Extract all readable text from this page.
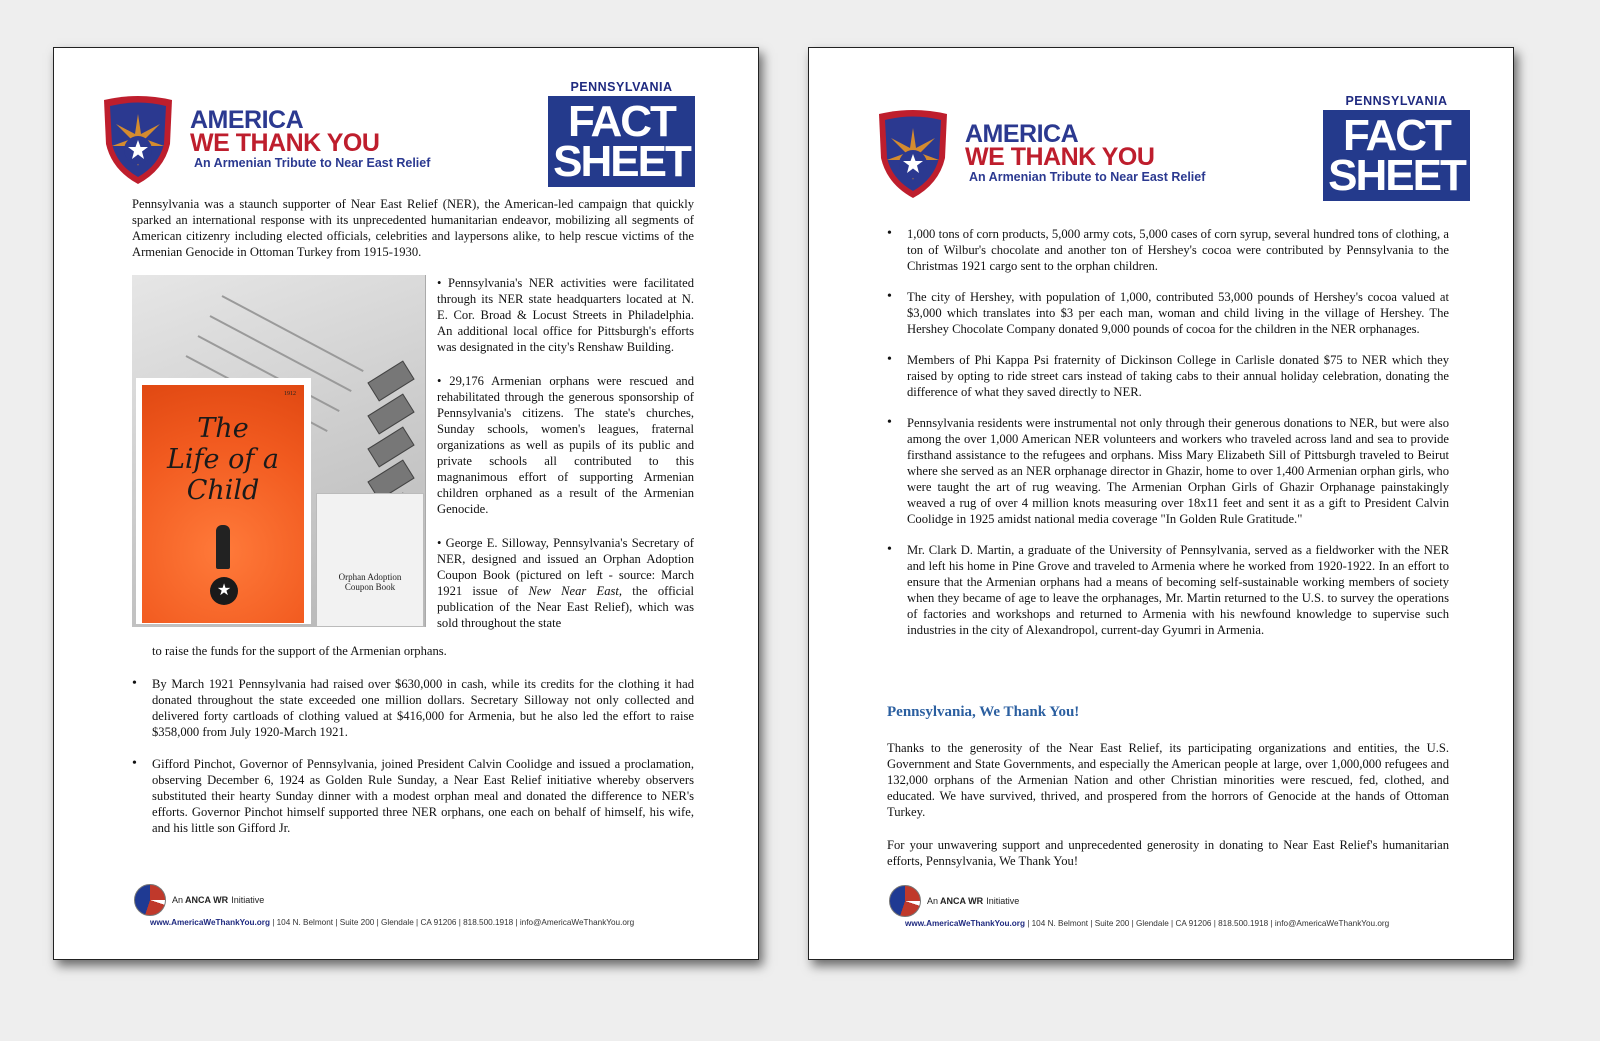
AMERICA
WE THANK YOU
An Armenian Tribute to Near East Relief
PENNSYLVANIA
FACT
SHEET

Pennsylvania was a staunch supporter of Near East Relief (NER), the American-led campaign that quickly sparked an international response with its unprecedented humanitarian endeavor, mobilizing all segments of American citizenry including elected officials, celebrities and laypersons alike, to help rescue victims of the Armenian Genocide in Ottoman Turkey from 1915-1930.

1912
The
Life of a
Child
★
Orphan Adoption
Coupon Book

• Pennsylvania's NER activities were facilitated through its NER state headquarters located at N. E. Cor. Broad & Locust Streets in Philadelphia. An additional local office for Pittsburgh's efforts was designated in the city's Renshaw Building.

• 29,176 Armenian orphans were rescued and rehabilitated through the generous sponsorship of Pennsylvania's citizens. The state's churches, Sunday schools, women's leagues, fraternal organizations as well as pupils of its public and private schools all contributed to this magnanimous effort of supporting Armenian children orphaned as a result of the Armenian Genocide.

• George E. Silloway, Pennsylvania's Secretary of NER, designed and issued an Orphan Adoption Coupon Book (pictured on left - source: March 1921 issue of New Near East, the official publication of the Near East Relief), which was sold throughout the state

to raise the funds for the support of the Armenian orphans.
• By March 1921 Pennsylvania had raised over $630,000 in cash, while its credits for the clothing it had donated throughout the state exceeded one million dollars. Secretary Silloway not only collected and delivered forty cartloads of clothing valued at $416,000 for Armenia, but he also led the effort to raise $358,000 from July 1920-March 1921.
• Gifford Pinchot, Governor of Pennsylvania, joined President Calvin Coolidge and issued a proclamation, observing December 6, 1924 as Golden Rule Sunday, a Near East Relief initiative whereby observers substituted their hearty Sunday dinner with a modest orphan meal and donated the difference to NER's efforts. Governor Pinchot himself supported three NER orphans, one each on behalf of himself, his wife, and his little son Gifford Jr.
An ANCA WR Initiative
www.AmericaWeThankYou.org | 104 N. Belmont | Suite 200 | Glendale | CA 91206 | 818.500.1918 | info@AmericaWeThankYou.org
AMERICA
WE THANK YOU
An Armenian Tribute to Near East Relief
PENNSYLVANIA
FACT
SHEET
• 1,000 tons of corn products, 5,000 army cots, 5,000 cases of corn syrup, several hundred tons of clothing, a ton of Wilbur's chocolate and another ton of Hershey's cocoa were contributed by Pennsylvania to the Christmas 1921 cargo sent to the orphan children.
• The city of Hershey, with population of 1,000, contributed 53,000 pounds of Hershey's cocoa valued at $3,000 which translates into $3 per each man, woman and child living in the village of Hershey. The Hershey Chocolate Company donated 9,000 pounds of cocoa for the children in the NER orphanages.
• Members of Phi Kappa Psi fraternity of Dickinson College in Carlisle donated $75 to NER which they raised by opting to ride street cars instead of taking cabs to their annual holiday celebration, donating the difference of what they saved directly to NER.
• Pennsylvania residents were instrumental not only through their generous donations to NER, but were also among the over 1,000 American NER volunteers and workers who traveled across land and sea to provide firsthand assistance to the refugees and orphans. Miss Mary Elizabeth Sill of Pittsburgh traveled to Beirut where she served as an NER orphanage director in Ghazir, home to over 1,400 Armenian orphan girls, who were taught the art of rug weaving. The Armenian Orphan Girls of Ghazir Orphanage painstakingly weaved a rug of over 4 million knots measuring over 18x11 feet and sent it as a gift to President Calvin Coolidge in 1925 amidst national media coverage "In Golden Rule Gratitude."
• Mr. Clark D. Martin, a graduate of the University of Pennsylvania, served as a fieldworker with the NER and left his home in Pine Grove and traveled to Armenia where he worked from 1920-1922. In an effort to ensure that the Armenian orphans had a means of becoming self-sustainable working members of society when they became of age to leave the orphanages, Mr. Martin returned to the U.S. to survey the operations of factories and workshops and returned to Armenia with his newfound knowledge to supervise such industries in the city of Alexandropol, current-day Gyumri in Armenia.
Pennsylvania, We Thank You!
Thanks to the generosity of the Near East Relief, its participating organizations and entities, the U.S. Government and State Governments, and especially the American people at large, over 1,000,000 refugees and 132,000 orphans of the Armenian Nation and other Christian minorities were rescued, fed, clothed, and educated. We have survived, thrived, and prospered from the horrors of Genocide at the hands of Ottoman Turkey.
For your unwavering support and unprecedented generosity in donating to Near East Relief's humanitarian efforts, Pennsylvania, We Thank You!
An ANCA WR Initiative
www.AmericaWeThankYou.org | 104 N. Belmont | Suite 200 | Glendale | CA 91206 | 818.500.1918 | info@AmericaWeThankYou.org
